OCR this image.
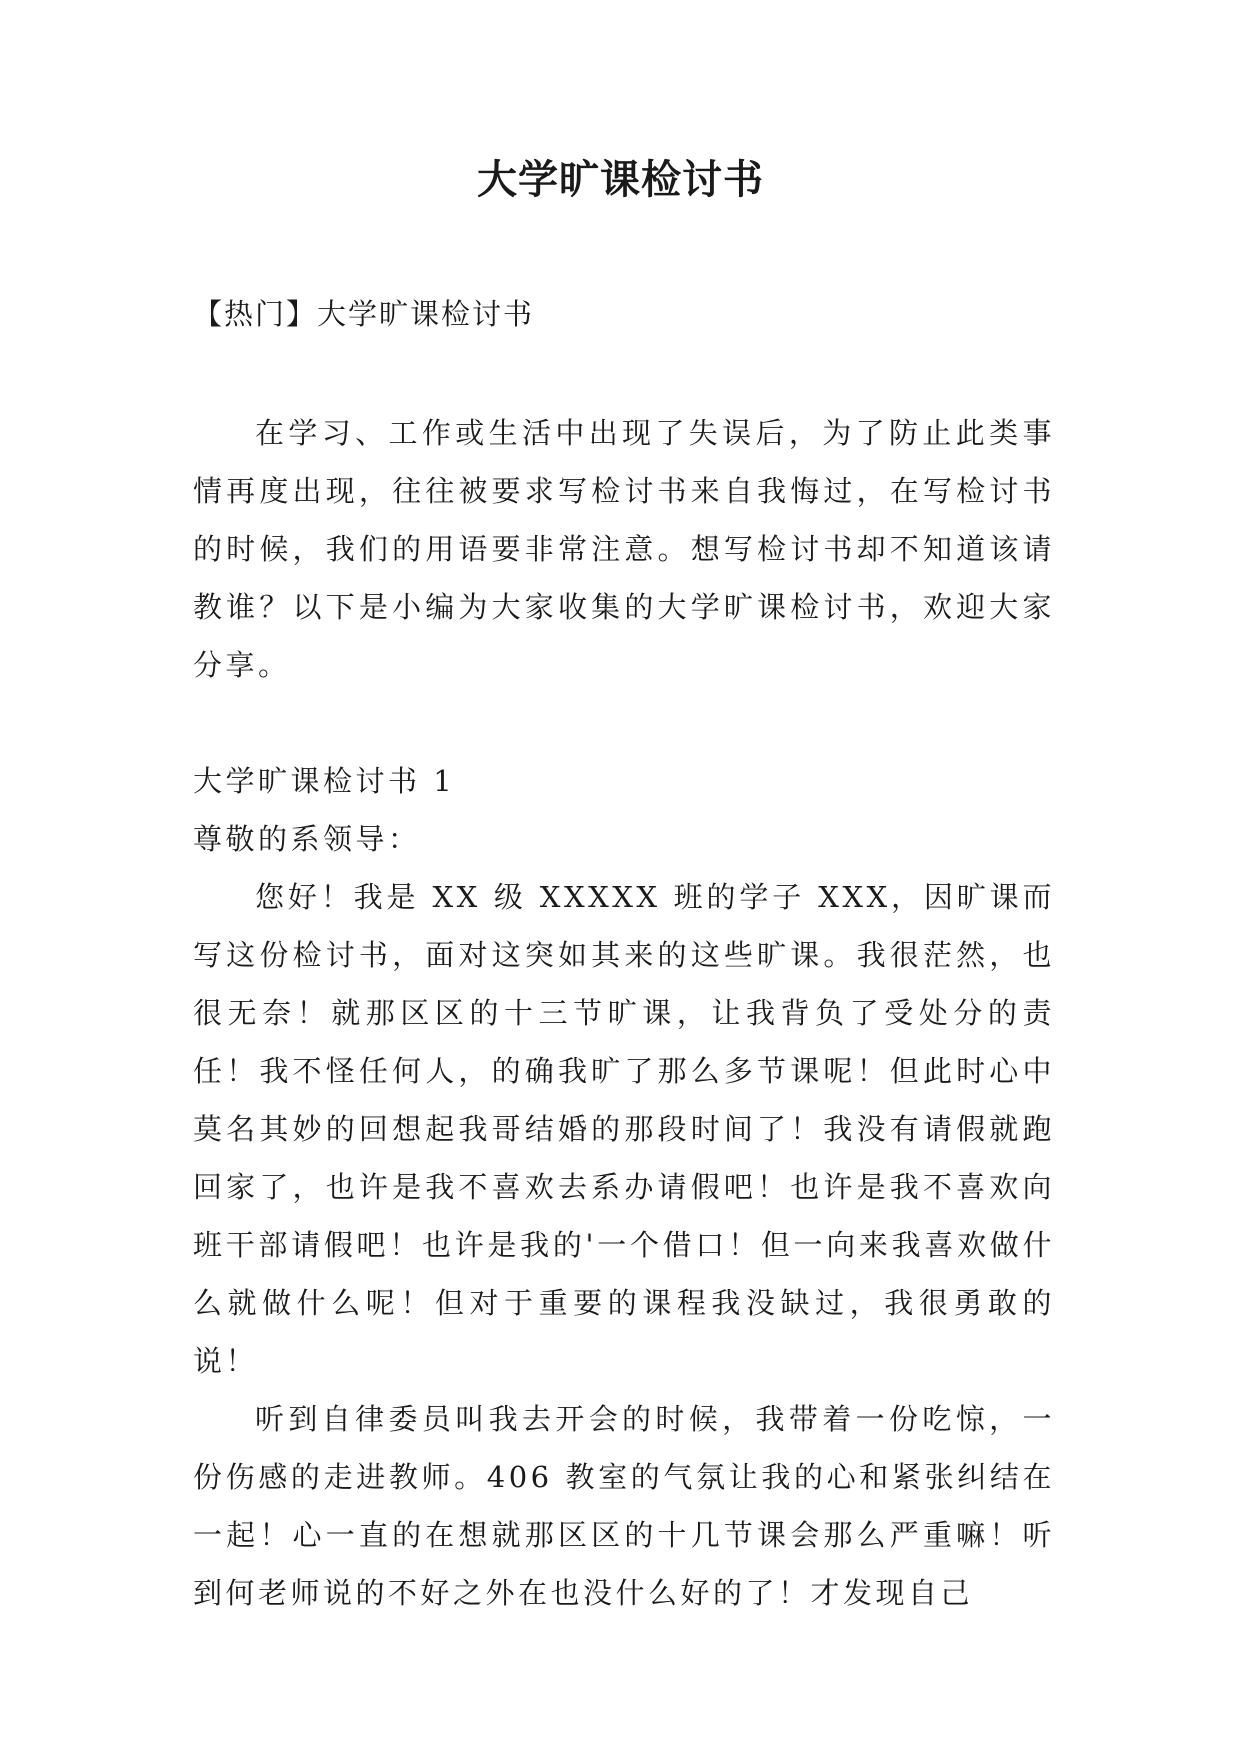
大学旷课检讨书
【热门】大学旷课检讨书

在学习、工作或生活中出现了失误后，为了防止此类事情再度出现，往往被要求写检讨书来自我悔过，在写检讨书的时候，我们的用语要非常注意。想写检讨书却不知道该请教谁？以下是小编为大家收集的大学旷课检讨书，欢迎大家分享。

大学旷课检讨书 1

尊敬的系领导：

您好！我是 XX 级 XXXXX 班的学子 XXX，因旷课而写这份检讨书，面对这突如其来的这些旷课。我很茫然，也很无奈！就那区区的十三节旷课，让我背负了受处分的责任！我不怪任何人，的确我旷了那么多节课呢！但此时心中莫名其妙的回想起我哥结婚的那段时间了！我没有请假就跑回家了，也许是我不喜欢去系办请假吧！也许是我不喜欢向班干部请假吧！也许是我的'一个借口！但一向来我喜欢做什么就做什么呢！但对于重要的课程我没缺过，我很勇敢的说！

听到自律委员叫我去开会的时候，我带着一份吃惊，一份伤感的走进教师。406 教室的气氛让我的心和紧张纠结在一起！心一直的在想就那区区的十几节课会那么严重嘛！听到何老师说的不好之外在也没什么好的了！才发现自己
